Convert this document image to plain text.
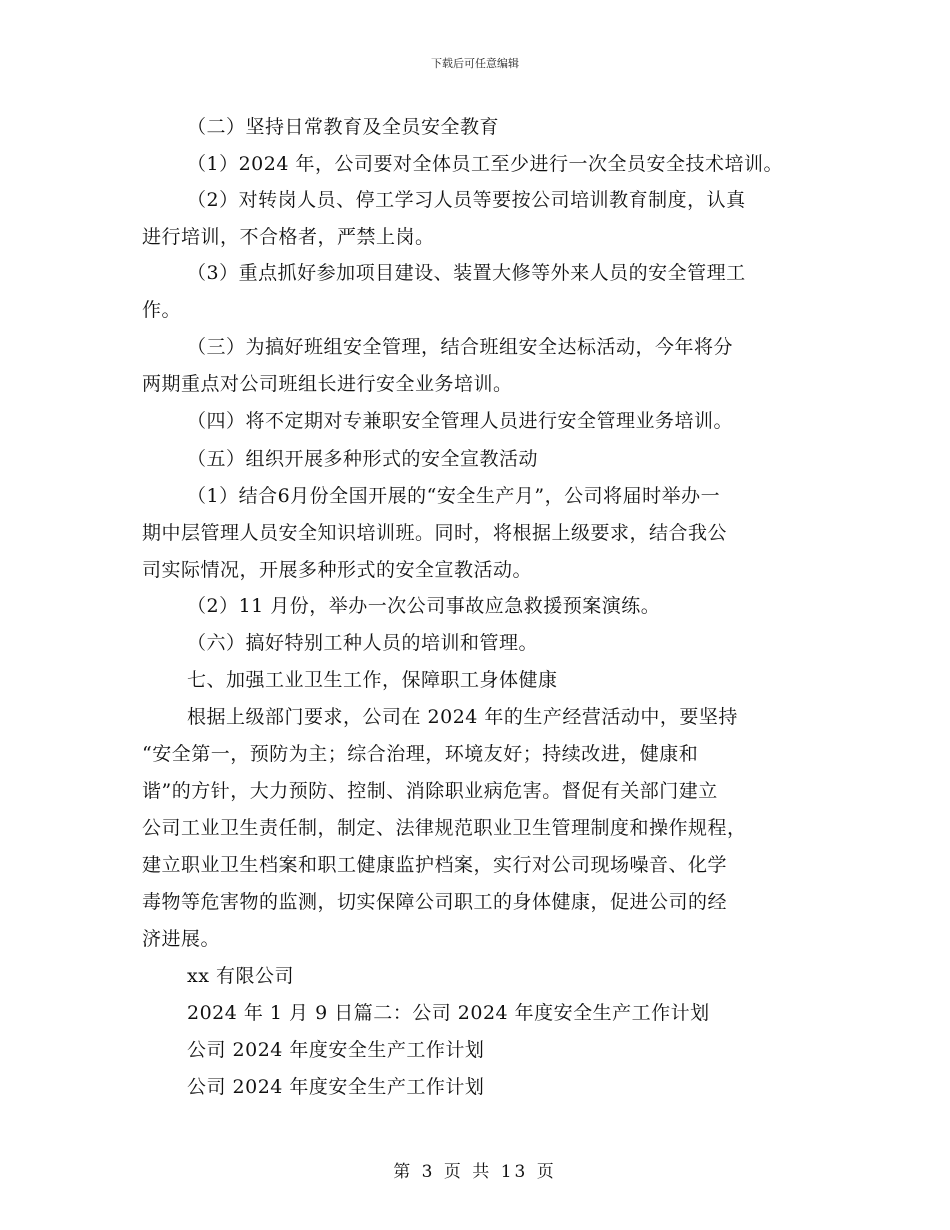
下载后可任意编辑
（二）坚持日常教育及全员安全教育
（1）2024 年，公司要对全体员工至少进行一次全员安全技术培训。
（2）对转岗人员、停工学习人员等要按公司培训教育制度，认真
进行培训，不合格者，严禁上岗。
（3）重点抓好参加项目建设、装置大修等外来人员的安全管理工
作。
（三）为搞好班组安全管理，结合班组安全达标活动，今年将分
两期重点对公司班组长进行安全业务培训。
（四）将不定期对专兼职安全管理人员进行安全管理业务培训。
（五）组织开展多种形式的安全宣教活动
（1）结合6月份全国开展的“安全生产月”，公司将届时举办一
期中层管理人员安全知识培训班。同时，将根据上级要求，结合我公
司实际情况，开展多种形式的安全宣教活动。
（2）11 月份，举办一次公司事故应急救援预案演练。
（六）搞好特别工种人员的培训和管理。
七、加强工业卫生工作，保障职工身体健康
根据上级部门要求，公司在 2024 年的生产经营活动中，要坚持
“安全第一，预防为主；综合治理，环境友好；持续改进，健康和
谐”的方针，大力预防、控制、消除职业病危害。督促有关部门建立
公司工业卫生责任制，制定、法律规范职业卫生管理制度和操作规程，
建立职业卫生档案和职工健康监护档案，实行对公司现场噪音、化学
毒物等危害物的监测，切实保障公司职工的身体健康，促进公司的经
济进展。
xx 有限公司
2024 年 1 月 9 日篇二：公司 2024 年度安全生产工作计划
公司 2024 年度安全生产工作计划
公司 2024 年度安全生产工作计划
第 3 页 共 13 页
